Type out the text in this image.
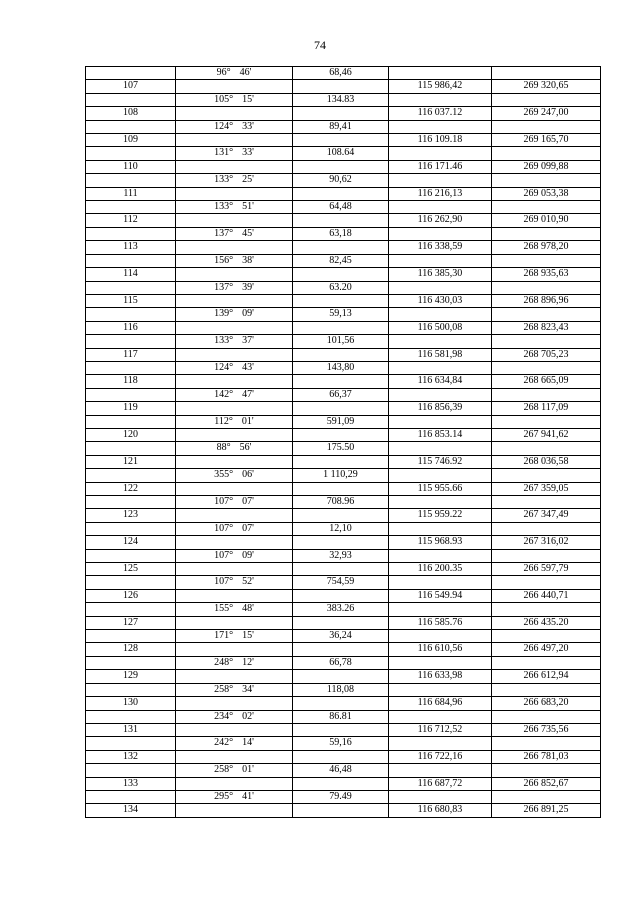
74
	96° 46'	68,46		
107			115 986,42	269 320,65
	105° 15'	134.83		
108			116 037.12	269 247,00
	124° 33'	89,41		
109			116 109.18	269 165,70
	131° 33'	108.64		
110			116 171.46	269 099,88
	133° 25'	90,62		
111			116 216,13	269 053,38
	133° 51'	64,48		
112			116 262,90	269 010,90
	137° 45'	63,18		
113			116 338,59	268 978,20
	156° 38'	82,45		
114			116 385,30	268 935,63
	137° 39'	63.20		
115			116 430,03	268 896,96
	139° 09'	59,13		
116			116 500,08	268 823,43
	133° 37'	101,56		
117			116 581,98	268 705,23
	124° 43'	143,80		
118			116 634,84	268 665,09
	142° 47'	66,37		
119			116 856,39	268 117,09
	112° 01'	591,09		
120			116 853.14	267 941,62
	88° 56'	175.50		
121			115 746.92	268 036,58
	355° 06'	1 110,29		
122			115 955.66	267 359,05
	107° 07'	708.96		
123			115 959.22	267 347,49
	107° 07'	12,10		
124			115 968.93	267 316,02
	107° 09'	32,93		
125			116 200.35	266 597,79
	107° 52'	754,59		
126			116 549.94	266 440,71
	155° 48'	383.26		
127			116 585.76	266 435.20
	171° 15'	36,24		
128			116 610,56	266 497,20
	248° 12'	66,78		
129			116 633,98	266 612,94
	258° 34'	118,08		
130			116 684,96	266 683,20
	234° 02'	86.81		
131			116 712,52	266 735,56
	242° 14'	59,16		
132			116 722,16	266 781,03
	258° 01'	46,48		
133			116 687,72	266 852,67
	295° 41'	79.49		
134			116 680,83	266 891,25
